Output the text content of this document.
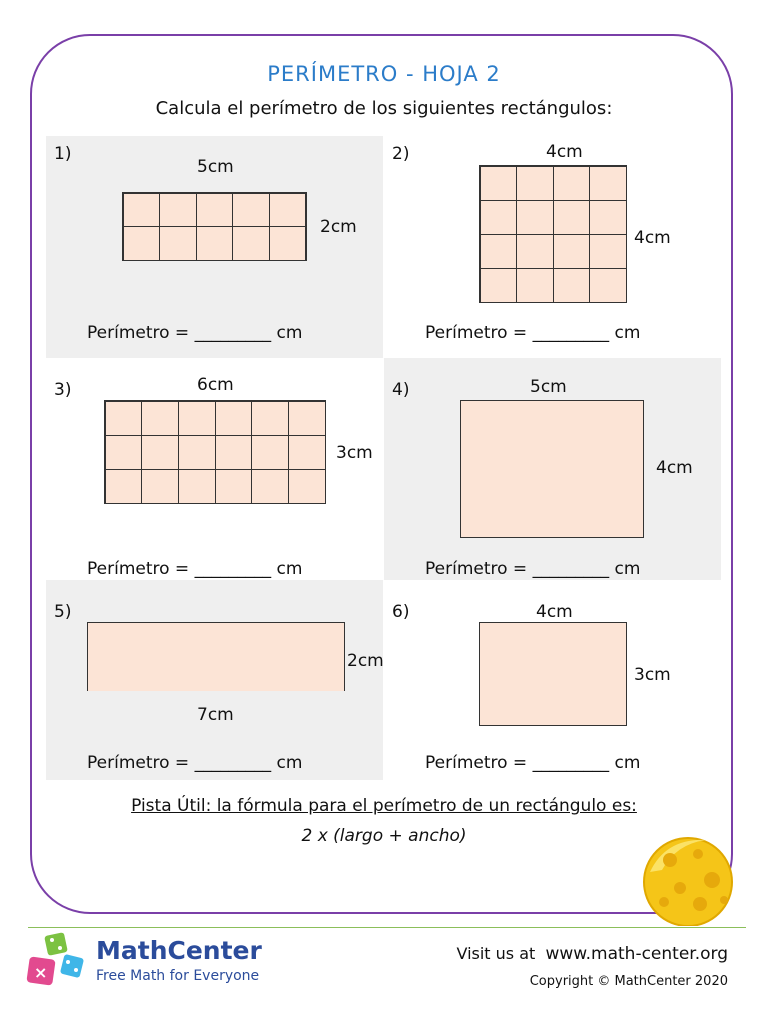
PERÍMETRO - HOJA 2
Calcula el perímetro de los siguientes rectángulos:
1)
5cm
2cm
Perímetro = _________ cm
2)	4cm
4cm
Perímetro = _________ cm
3)	6cm
3cm
Perímetro = _________ cm
4)	5cm
4cm
Perímetro = _________ cm
5)
2cm
7cm
Perímetro = _________ cm
6)	4cm
3cm
Perímetro = _________ cm
Pista Útil: la fórmula para el perímetro de un rectángulo es:
2 x (largo + ancho)
×
MathCenter
Free Math for Everyone
Visit us at www.math-center.org
Copyright © MathCenter 2020
